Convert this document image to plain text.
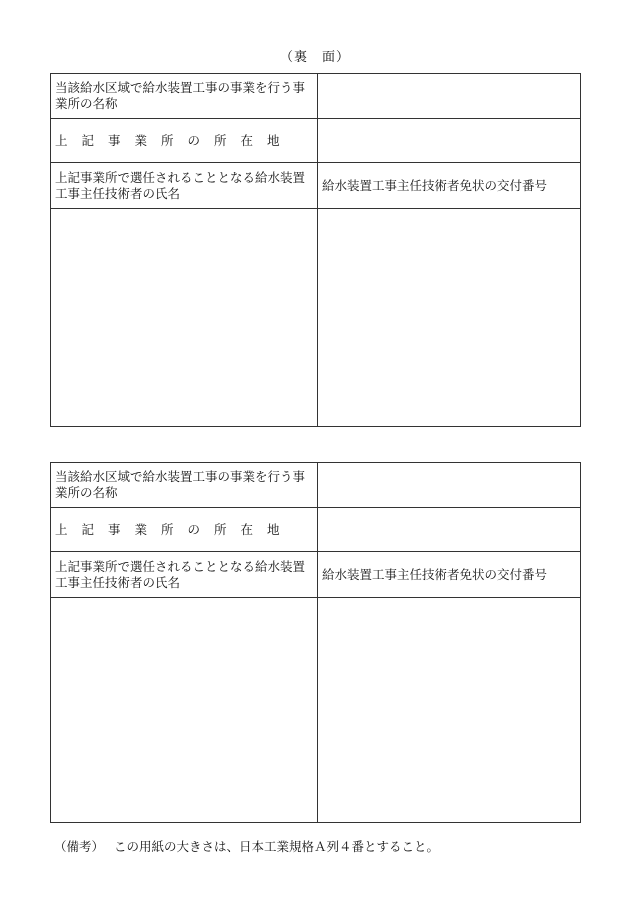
（裏　面）
当該給水区域で給水装置工事の事業を行う事業所の名称	
上記事業所の所在地	
上記事業所で選任されることとなる給水装置工事主任技術者の氏名	給水装置工事主任技術者免状の交付番号

当該給水区域で給水装置工事の事業を行う事業所の名称	
上記事業所の所在地	
上記事業所で選任されることとなる給水装置工事主任技術者の氏名	給水装置工事主任技術者免状の交付番号

（備考） この用紙の大きさは、日本工業規格Ａ列４番とすること。
